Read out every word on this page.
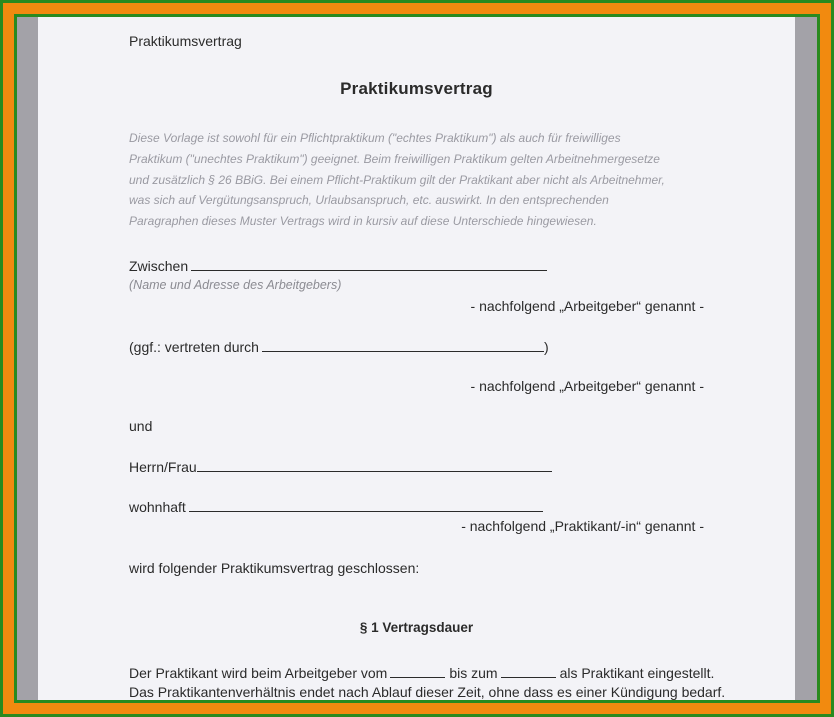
Praktikumsvertrag
Praktikumsvertrag
Diese Vorlage ist sowohl für ein Pflichtpraktikum ("echtes Praktikum") als auch für freiwilliges
Praktikum ("unechtes Praktikum") geeignet. Beim freiwilligen Praktikum gelten Arbeitnehmergesetze
und zusätzlich § 26 BBiG. Bei einem Pflicht-Praktikum gilt der Praktikant aber nicht als Arbeitnehmer,
was sich auf Vergütungsanspruch, Urlaubsanspruch, etc. auswirkt. In den entsprechenden
Paragraphen dieses Muster Vertrags wird in kursiv auf diese Unterschiede hingewiesen.
Zwischen
(Name und Adresse des Arbeitgebers)
- nachfolgend „Arbeitgeber“ genannt -
(ggf.: vertreten durch	)
- nachfolgend „Arbeitgeber“ genannt -
und
Herrn/Frau
wohnhaft
- nachfolgend „Praktikant/-in“ genannt -
wird folgender Praktikumsvertrag geschlossen:
§ 1 Vertragsdauer
Der Praktikant wird beim Arbeitgeber vom	bis zum	als Praktikant eingestellt.
Das Praktikantenverhältnis endet nach Ablauf dieser Zeit, ohne dass es einer Kündigung bedarf.
